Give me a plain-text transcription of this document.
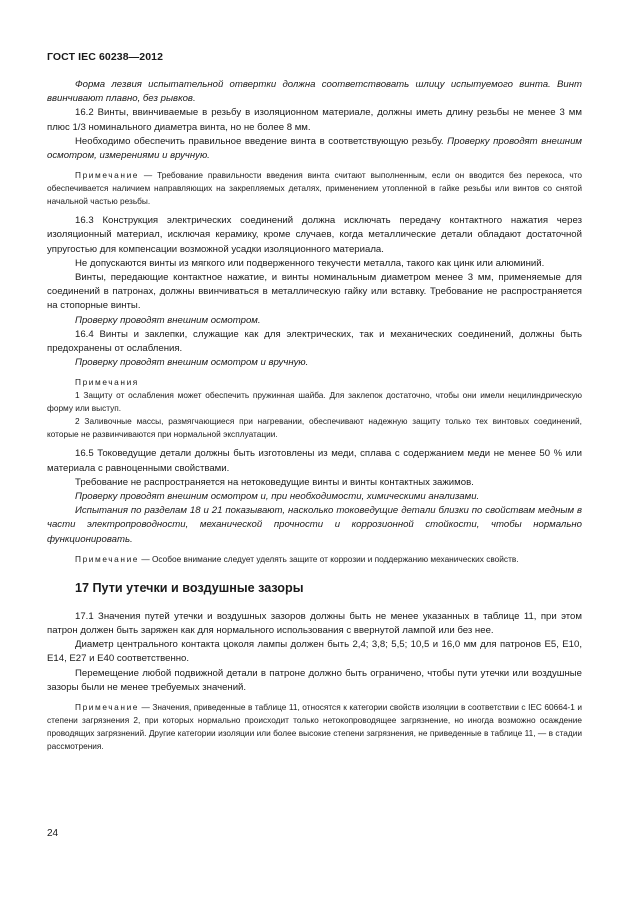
ГОСТ IEC 60238—2012

Форма лезвия испытательной отвертки должна соответствовать шлицу испытуемого винта. Винт ввинчивают плавно, без рывков.

16.2 Винты, ввинчиваемые в резьбу в изоляционном материале, должны иметь длину резьбы не менее 3 мм плюс 1/3 номинального диаметра винта, но не более 8 мм.

Необходимо обеспечить правильное введение винта в соответствующую резьбу. Проверку проводят внешним осмотром, измерениями и вручную.

Примечание — Требование правильности введения винта считают выполненным, если он вводится без перекоса, что обеспечивается наличием направляющих на закрепляемых деталях, применением утопленной в гайке резьбы или винтов со снятой начальной частью резьбы.

16.3 Конструкция электрических соединений должна исключать передачу контактного нажатия через изоляционный материал, исключая керамику, кроме случаев, когда металлические детали обладают достаточной упругостью для компенсации возможной усадки изоляционного материала.

Не допускаются винты из мягкого или подверженного текучести металла, такого как цинк или алюминий.

Винты, передающие контактное нажатие, и винты номинальным диаметром менее 3 мм, применяемые для соединений в патронах, должны ввинчиваться в металлическую гайку или вставку. Требование не распространяется на стопорные винты.

Проверку проводят внешним осмотром.

16.4 Винты и заклепки, служащие как для электрических, так и механических соединений, должны быть предохранены от ослабления.

Проверку проводят внешним осмотром и вручную.

Примечания

1 Защиту от ослабления может обеспечить пружинная шайба. Для заклепок достаточно, чтобы они имели нецилиндрическую форму или выступ.

2 Заливочные массы, размягчающиеся при нагревании, обеспечивают надежную защиту только тех винтовых соединений, которые не развинчиваются при нормальной эксплуатации.

16.5 Токоведущие детали должны быть изготовлены из меди, сплава с содержанием меди не менее 50 % или материала с равноценными свойствами.

Требование не распространяется на нетоковедущие винты и винты контактных зажимов.

Проверку проводят внешним осмотром и, при необходимости, химическими анализами.

Испытания по разделам 18 и 21 показывают, насколько токоведущие детали близки по свойствам медным в части электропроводности, механической прочности и коррозионной стойкости, чтобы нормально функционировать.

Примечание — Особое внимание следует уделять защите от коррозии и поддержанию механических свойств.

17 Пути утечки и воздушные зазоры

17.1 Значения путей утечки и воздушных зазоров должны быть не менее указанных в таблице 11, при этом патрон должен быть заряжен как для нормального использования с ввернутой лампой или без нее.

Диаметр центрального контакта цоколя лампы должен быть 2,4; 3,8; 5,5; 10,5 и 16,0 мм для патронов E5, E10, E14, E27 и E40 соответственно.

Перемещение любой подвижной детали в патроне должно быть ограничено, чтобы пути утечки или воздушные зазоры были не менее требуемых значений.

Примечание — Значения, приведенные в таблице 11, относятся к категории свойств изоляции в соответствии с IEC 60664-1 и степени загрязнения 2, при которых нормально происходит только нетокопроводящее загрязнение, но иногда возможно осаждение проводящих загрязнений. Другие категории изоляции или более высокие степени загрязнения, не приведенные в таблице 11, — в стадии рассмотрения.

24
